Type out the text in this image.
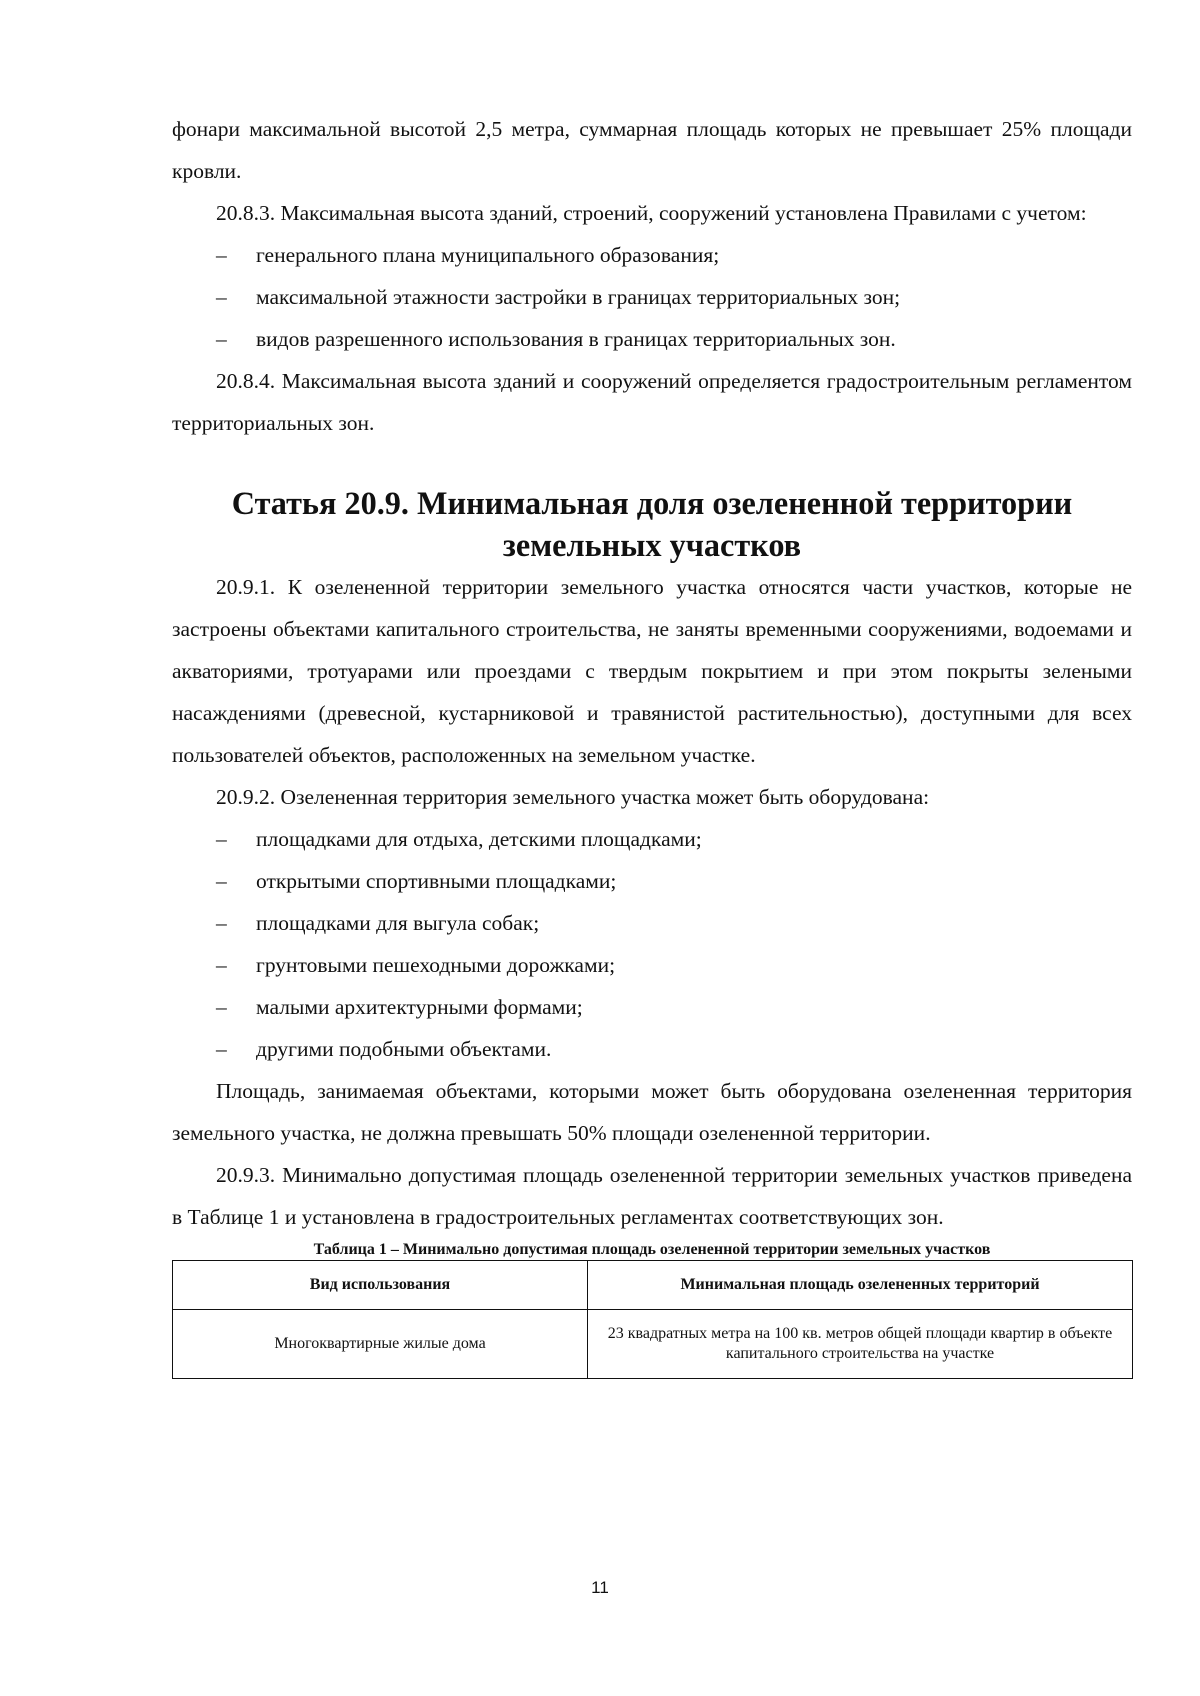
фонари максимальной высотой 2,5 метра, суммарная площадь которых не превышает 25% площади кровли.

20.8.3. Максимальная высота зданий, строений, сооружений установлена Правилами с учетом:

–	генерального плана муниципального образования;

–	максимальной этажности застройки в границах территориальных зон;

–	видов разрешенного использования в границах территориальных зон.

20.8.4. Максимальная высота зданий и сооружений определяется градостроительным регламентом территориальных зон.

Статья 20.9. Минимальная доля озелененной территории земельных участков

20.9.1. К озелененной территории земельного участка относятся части участков, которые не застроены объектами капитального строительства, не заняты временными сооружениями, водоемами и акваториями, тротуарами или проездами с твердым покрытием и при этом покрыты зелеными насаждениями (древесной, кустарниковой и травянистой растительностью), доступными для всех пользователей объектов, расположенных на земельном участке.

20.9.2. Озелененная территория земельного участка может быть оборудована:

–	площадками для отдыха, детскими площадками;

–	открытыми спортивными площадками;

–	площадками для выгула собак;

–	грунтовыми пешеходными дорожками;

–	малыми архитектурными формами;

–	другими подобными объектами.

Площадь, занимаемая объектами, которыми может быть оборудована озелененная территория земельного участка, не должна превышать 50% площади озелененной территории.

20.9.3. Минимально допустимая площадь озелененной территории земельных участков приведена в Таблице 1 и установлена в градостроительных регламентах соответствующих зон.

Таблица 1 – Минимально допустимая площадь озелененной территории земельных участков

Вид использования	Минимальная площадь озелененных территорий
Многоквартирные жилые дома	23 квадратных метра на 100 кв. метров общей площади квартир в объекте капитального строительства на участке
11
